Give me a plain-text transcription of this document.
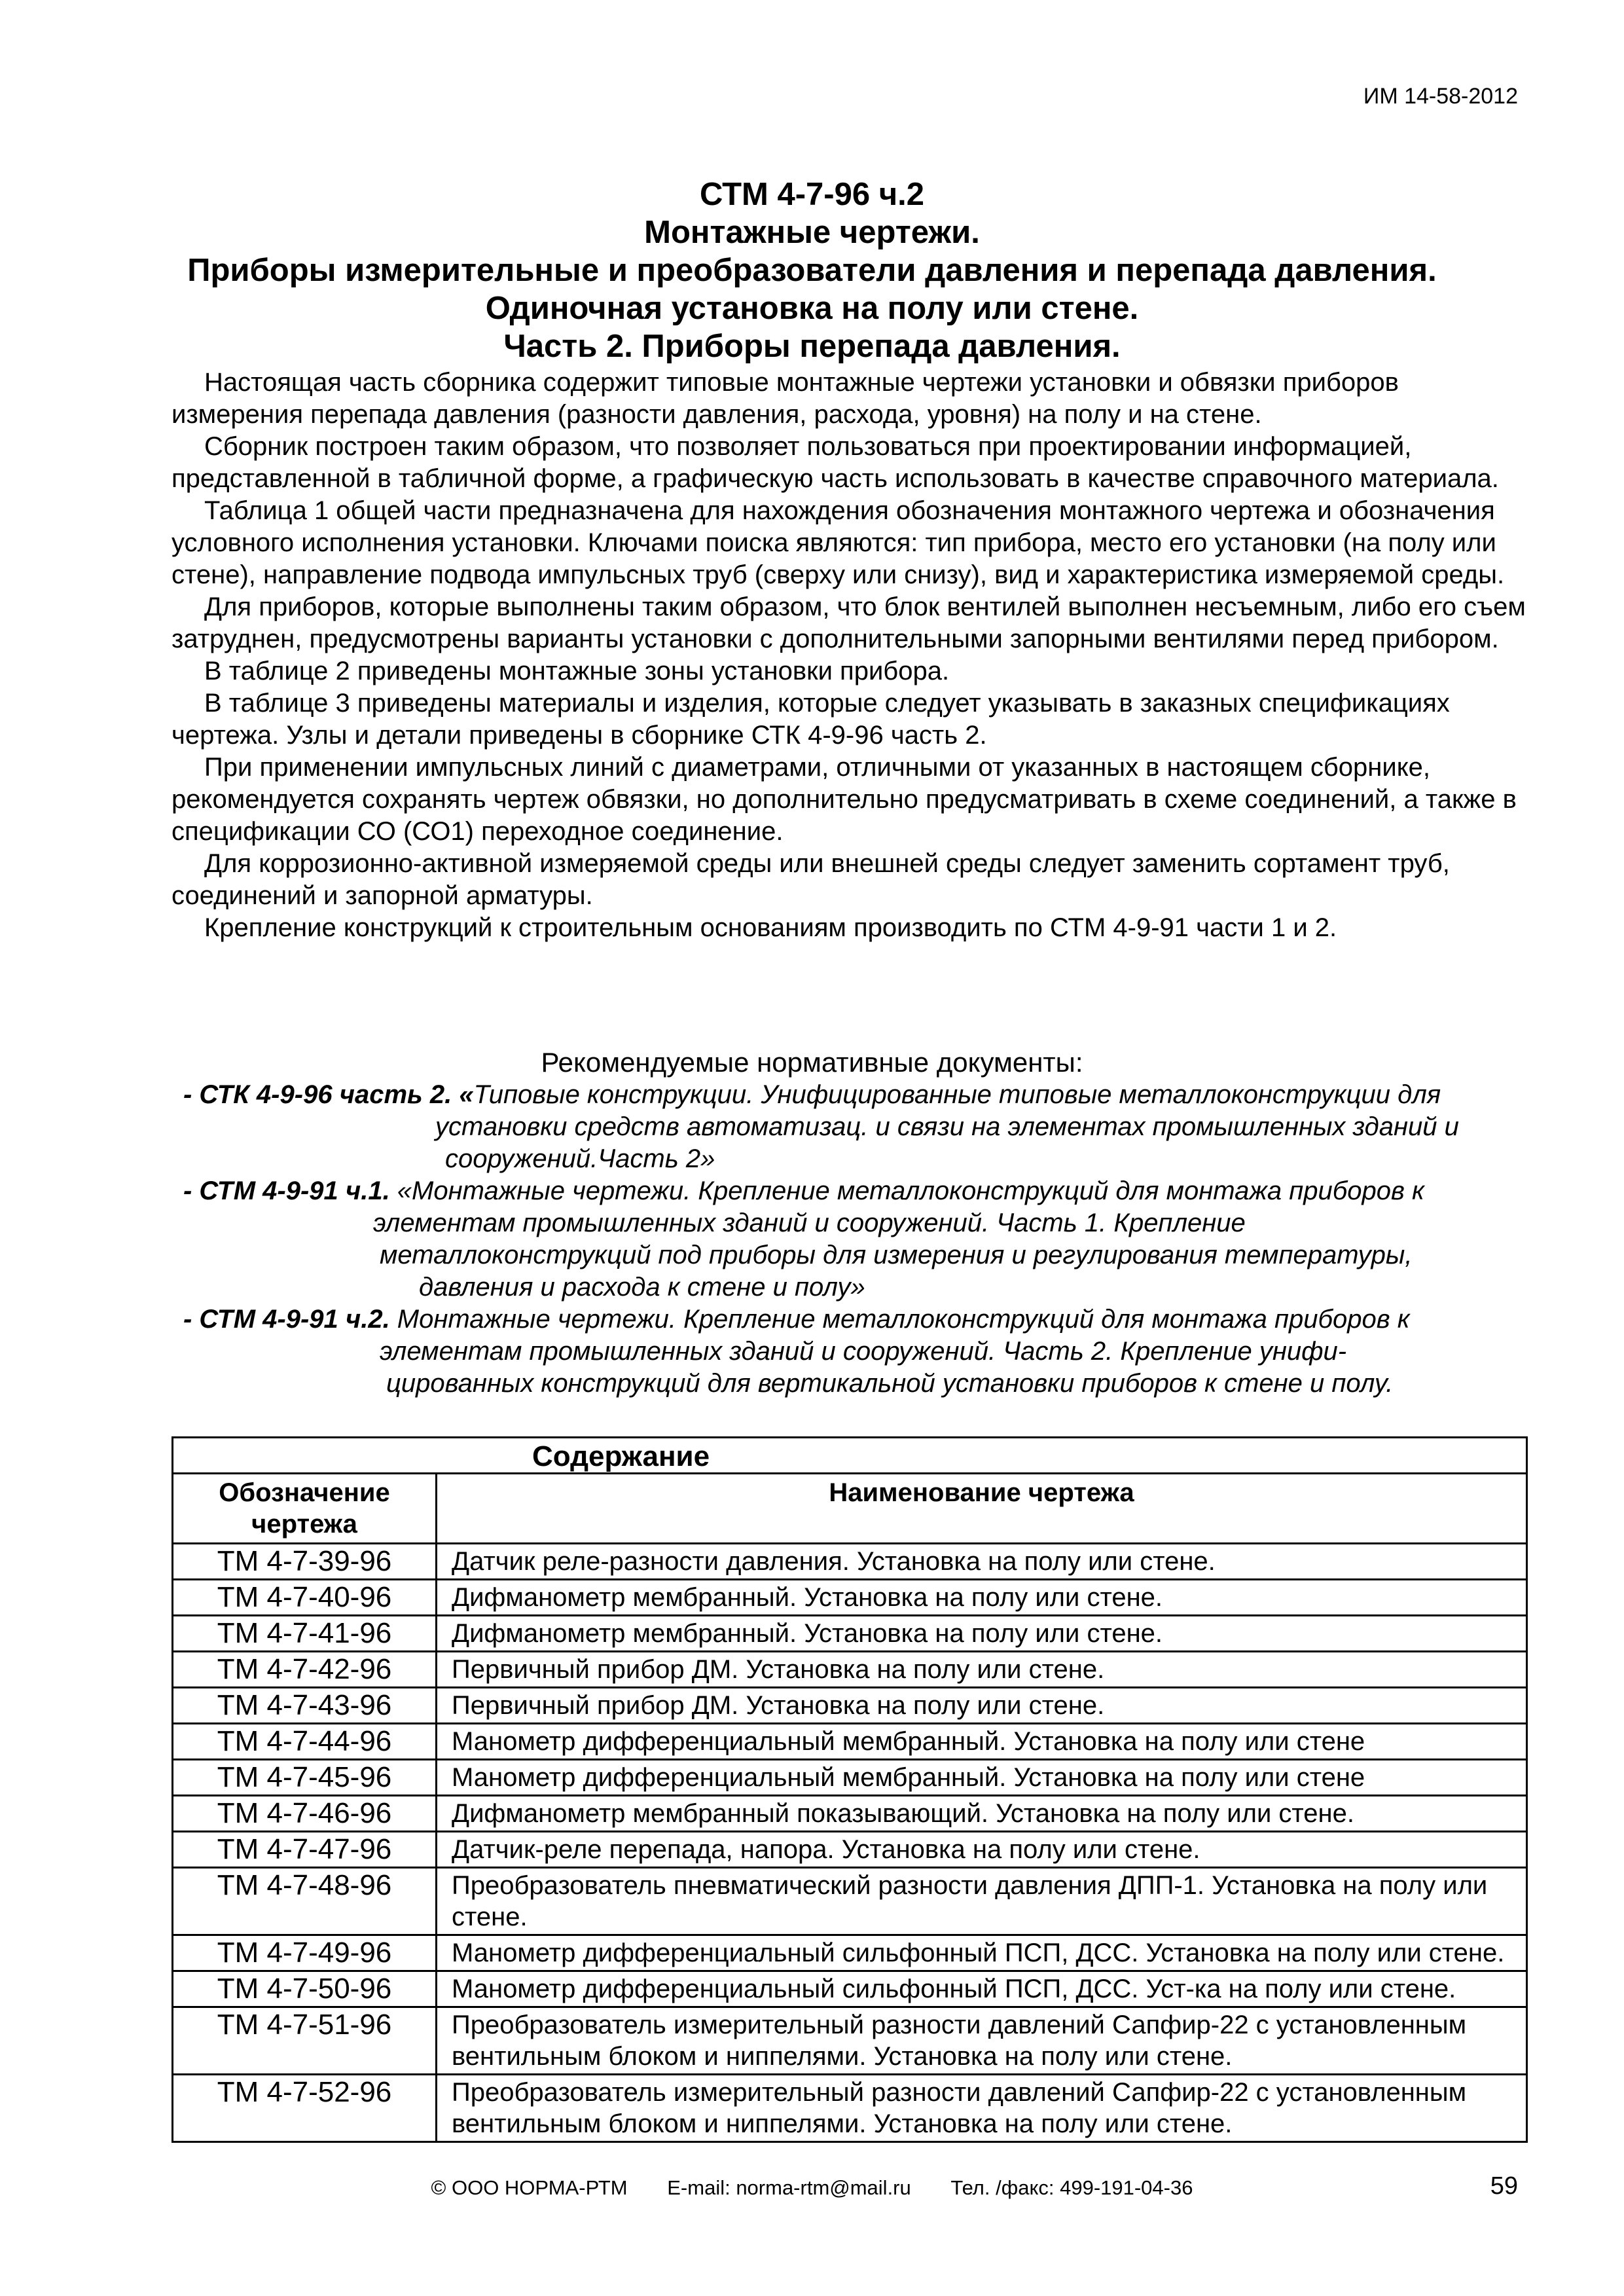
ИМ 14-58-2012
СТМ 4-7-96 ч.2
Монтажные чертежи.
Приборы измерительные и преобразователи давления и перепада давления.
Одиночная установка на полу или стене.
Часть 2. Приборы перепада давления.

Настоящая часть сборника содержит типовые монтажные чертежи установки и обвязки приборов измерения перепада давления (разности давления, расхода, уровня) на полу и на стене.

Сборник построен таким образом, что позволяет пользоваться при проектировании информацией, представленной в табличной форме, а графическую часть использовать в качестве справочного материала.

Таблица 1 общей части предназначена для нахождения обозначения монтажного чертежа и обозначения условного исполнения установки. Ключами поиска являются: тип прибора, место его установки (на полу или стене), направление подвода импульсных труб (сверху или снизу), вид и характеристика измеряемой среды.

Для приборов, которые выполнены таким образом, что блок вентилей выполнен несъемным, либо его съем затруднен, предусмотрены варианты установки с дополнительными запорными вентилями перед прибором.

В таблице 2 приведены монтажные зоны установки прибора.

В таблице 3 приведены материалы и изделия, которые следует указывать в заказных спецификациях чертежа. Узлы и детали приведены в сборнике СТК 4-9-96 часть 2.

При применении импульсных линий с диаметрами, отличными от указанных в настоящем сборнике, рекомендуется сохранять чертеж обвязки, но дополнительно предусматривать в схеме соединений, а также в спецификации СО (СО1) переходное соединение.

Для коррозионно-активной измеряемой среды или внешней среды следует заменить сортамент труб, соединений и запорной арматуры.

Крепление конструкций к строительным основаниям производить по СТМ 4-9-91 части 1 и 2.

Рекомендуемые нормативные документы:
- СТК 4-9-96 часть 2. «Типовые конструкции. Унифицированные типовые металлоконструкции для
установки средств автоматизац. и связи на элементах промышленных зданий и
сооружений.Часть 2»
- СТМ 4-9-91 ч.1. «Монтажные чертежи. Крепление металлоконструкций для монтажа приборов к
элементам промышленных зданий и сооружений. Часть 1. Крепление
металлоконструкций под приборы для измерения и регулирования температуры,
давления и расхода к стене и полу»
- СТМ 4-9-91 ч.2. Монтажные чертежи. Крепление металлоконструкций для монтажа приборов к
элементам промышленных зданий и сооружений. Часть 2. Крепление унифи-
цированных конструкций для вертикальной установки приборов к стене и полу.
Содержание	
Обозначение чертежа	Наименование чертежа
ТМ 4-7-39-96	Датчик реле-разности давления. Установка на полу или стене.
ТМ 4-7-40-96	Дифманометр мембранный. Установка на полу или стене.
ТМ 4-7-41-96	Дифманометр мембранный. Установка на полу или стене.
ТМ 4-7-42-96	Первичный прибор ДМ. Установка на полу или стене.
ТМ 4-7-43-96	Первичный прибор ДМ. Установка на полу или стене.
ТМ 4-7-44-96	Манометр дифференциальный мембранный. Установка на полу или стене
ТМ 4-7-45-96	Манометр дифференциальный мембранный. Установка на полу или стене
ТМ 4-7-46-96	Дифманометр мембранный показывающий. Установка на полу или стене.
ТМ 4-7-47-96	Датчик-реле перепада, напора. Установка на полу или стене.
ТМ 4-7-48-96	Преобразователь пневматический разности давления ДПП-1. Установка на полу или стене.
ТМ 4-7-49-96	Манометр дифференциальный сильфонный ПСП, ДСС. Установка на полу или стене.
ТМ 4-7-50-96	Манометр дифференциальный сильфонный ПСП, ДСС. Уст-ка на полу или стене.
ТМ 4-7-51-96	Преобразователь измерительный разности давлений Сапфир-22 с установленным вентильным блоком и ниппелями. Установка на полу или стене.
ТМ 4-7-52-96	Преобразователь измерительный разности давлений Сапфир-22 с установленным вентильным блоком и ниппелями. Установка на полу или стене.
© ООО НОРМА-РТМ E-mail: norma-rtm@mail.ru Тел. /факс: 499-191-04-36	59
